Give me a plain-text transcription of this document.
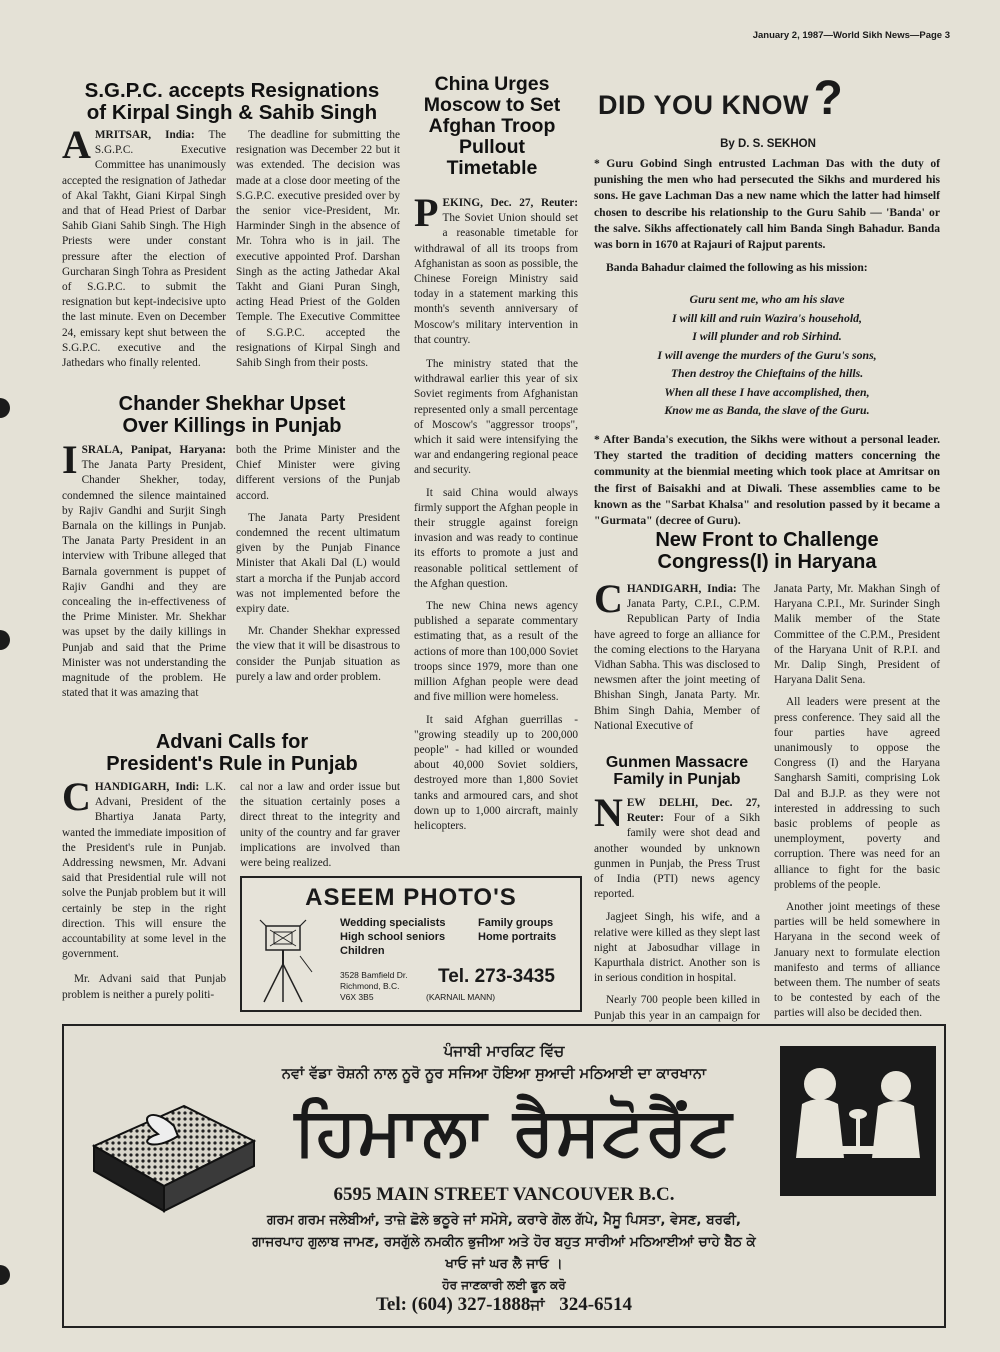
January 2, 1987—World Sikh News—Page 3
S.G.P.C. accepts Resignations
of Kirpal Singh & Sahib Singh
AMRITSAR, India: The S.G.P.C. Executive Committee has unanimously accepted the resignation of Jathedar of Akal Takht, Giani Kirpal Singh and that of Head Priest of Darbar Sahib Giani Sahib Singh. The High Priests were under constant pressure after the election of Gurcharan Singh Tohra as President of S.G.P.C. to submit the resignation but kept-indecisive upto the last minute. Even on December 24, emissary kept shut between the S.G.P.C. executive and the Jathedars who finally relented.

The deadline for submitting the resignation was December 22 but it was extended. The decision was made at a close door meeting of the S.G.P.C. executive presided over by the senior vice-President, Mr. Harminder Singh in the absence of Mr. Tohra who is in jail. The executive appointed Prof. Darshan Singh as the acting Jathedar Akal Takht and Giani Puran Singh, acting Head Priest of the Golden Temple. The Executive Committee of S.G.P.C. accepted the resignations of Kirpal Singh and Sahib Singh from their posts.

Chander Shekhar Upset
Over Killings in Punjab
ISRALA, Panipat, Haryana: The Janata Party President, Chander Shekher, today, condemned the silence maintained by Rajiv Gandhi and Surjit Singh Barnala on the killings in Punjab. The Janata Party President in an interview with Tribune alleged that Barnala government is puppet of Rajiv Gandhi and they are concealing the in-effectiveness of the Prime Minister. Mr. Shekhar was upset by the daily killings in Punjab and said that the Prime Minister was not understanding the magnitude of the problem. He stated that it was amazing that

both the Prime Minister and the Chief Minister were giving different versions of the Punjab accord.

The Janata Party President condemned the recent ultimatum given by the Punjab Finance Minister that Akali Dal (L) would start a morcha if the Punjab accord was not implemented before the expiry date.

Mr. Chander Shekhar expressed the view that it will be disastrous to consider the Punjab situation as purely a law and order problem.

Advani Calls for
President's Rule in Punjab
CHANDIGARH, Indi: L.K. Advani, President of the Bhartiya Janata Party, wanted the immediate imposition of the President's rule in Punjab. Addressing newsmen, Mr. Advani said that Presidential rule will not solve the Punjab problem but it will certainly be step in the right direction. This will ensure the accountability at some level in the government.

Mr. Advani said that Punjab problem is neither a purely politi-

cal nor a law and order issue but the situation certainly poses a direct threat to the integrity and unity of the country and far graver implications are involved than were being realized.

ASEEM PHOTO'S
Wedding specialists
High school seniors
Children
Family groups
Home portraits
3528 Bamfield Dr.
Richmond, B.C.
V6X 3B5
Tel. 273-3435
(KARNAIL MANN)
China Urges
Moscow to Set
Afghan Troop
Pullout
Timetable
PEKING, Dec. 27, Reuter: The Soviet Union should set a reasonable timetable for withdrawal of all its troops from Afghanistan as soon as possible, the Chinese Foreign Ministry said today in a statement marking this month's seventh anniversary of Moscow's military intervention in that country.

The ministry stated that the withdrawal earlier this year of six Soviet regiments from Afghanistan represented only a small percentage of Moscow's "aggressor troops", which it said were intensifying the war and endangering regional peace and security.

It said China would always firmly support the Afghan people in their struggle against foreign invasion and was ready to continue its efforts to promote a just and reasonable political settlement of the Afghan question.

The new China news agency published a separate commentary estimating that, as a result of the actions of more than 100,000 Soviet troops since 1979, more than one million Afghan people were dead and five million were homeless.

It said Afghan guerrillas - "growing steadily up to 200,000 people" - had killed or wounded about 40,000 Soviet soldiers, destroyed more than 1,800 Soviet tanks and armoured cars, and shot down up to 1,000 aircraft, mainly helicopters.

DID YOU KNOW ?
By D. S. SEKHON

* Guru Gobind Singh entrusted Lachman Das with the duty of punishing the men who had persecuted the Sikhs and murdered his sons. He gave Lachman Das a new name which the latter had himself chosen to describe his relationship to the Guru Sahib — 'Banda' or the salve. Sikhs affectionately call him Banda Singh Bahadur. Banda was born in 1670 at Rajauri of Rajput parents.

Banda Bahadur claimed the following as his mission:

Guru sent me, who am his slave
I will kill and ruin Wazira's household,
I will plunder and rob Sirhind.
I will avenge the murders of the Guru's sons,
Then destroy the Chieftains of the hills.
When all these I have accomplished, then,
Know me as Banda, the slave of the Guru.

* After Banda's execution, the Sikhs were without a personal leader. They started the tradition of deciding matters concerning the community at the bienmial meeting which took place at Amritsar on the first of Baisakhi and at Diwali. These assemblies came to be known as the "Sarbat Khalsa" and resolution passed by it became a "Gurmata" (decree of Guru).

New Front to Challenge
Congress(I) in Haryana
CHANDIGARH, India: The Janata Party, C.P.I., C.P.M. Republican Party of India have agreed to forge an alliance for the coming elections to the Haryana Vidhan Sabha. This was disclosed to newsmen after the joint meeting of Bhishan Singh, Janata Party. Mr. Bhim Singh Dahia, Member of National Executive of

Janata Party, Mr. Makhan Singh of Haryana C.P.I., Mr. Surinder Singh Malik member of the State Committee of the C.P.M., President of the Haryana Unit of R.P.I. and Mr. Dalip Singh, President of Haryana Dalit Sena.

All leaders were present at the press conference. They said all the four parties have agreed unanimously to oppose the Congress (I) and the Haryana Sangharsh Samiti, comprising Lok Dal and B.J.P. as they were not interested in addressing to such basic problems of people as unemployment, poverty and corruption. There was need for an alliance to fight for the basic problems of the people.

Another joint meetings of these parties will be held somewhere in Haryana in the second week of January next to formulate election manifesto and terms of alliance between them. The number of seats to be contested by each of the parties will also be decided then.

Gunmen Massacre
Family in Punjab
NEW DELHI, Dec. 27, Reuter: Four of a Sikh family were shot dead and another wounded by unknown gunmen in Punjab, the Press Trust of India (PTI) news agency reported.

Jagjeet Singh, his wife, and a relative were killed as they slept last night at Jabosudhar village in Kapurthala district. Another son is in serious condition in hospital.

Nearly 700 people been killed in Punjab this year in an campaign for

ਪੰਜਾਬੀ ਮਾਰਕਿਟ ਵਿੱਚ
ਨਵਾਂ ਵੱਡਾ ਰੋਸ਼ਨੀ ਨਾਲ ਨੂਰੋ ਨੂਰ ਸਜਿਆ ਹੋਇਆ ਸੁਆਦੀ ਮਠਿਆਈ ਦਾ ਕਾਰਖਾਨਾ
ਹਿਮਾਲਾ ਰੈਸਟੋਰੈਂਟ
6595 MAIN STREET VANCOUVER B.C.
ਗਰਮ ਗਰਮ ਜਲੇਬੀਆਂ, ਤਾਜ਼ੇ ਛੋਲੇ ਭਠੂਰੇ ਜਾਂ ਸਮੋਸੇ, ਕਰਾਰੇ ਗੋਲ ਗੱਪੇ, ਮੈਸੂ ਪਿਸਤਾ, ਵੇਸਣ, ਬਰਫੀ,
ਗਾਜਰਪਾਹ ਗੁਲਾਬ ਜਾਮਣ, ਰਸਗੁੱਲੇ ਨਮਕੀਨ ਭੁਜੀਆ ਅਤੇ ਹੋਰ ਬਹੁਤ ਸਾਰੀਆਂ ਮਠਿਆਈਆਂ ਚਾਹੇ ਬੈਠ ਕੇ
ਖਾਓ ਜਾਂ ਘਰ ਲੈ ਜਾਓ ।
ਹੋਰ ਜਾਣਕਾਰੀ ਲਈ ਫੂਨ ਕਰੋ
Tel: (604) 327-1888ਜਾਂ 324-6514
